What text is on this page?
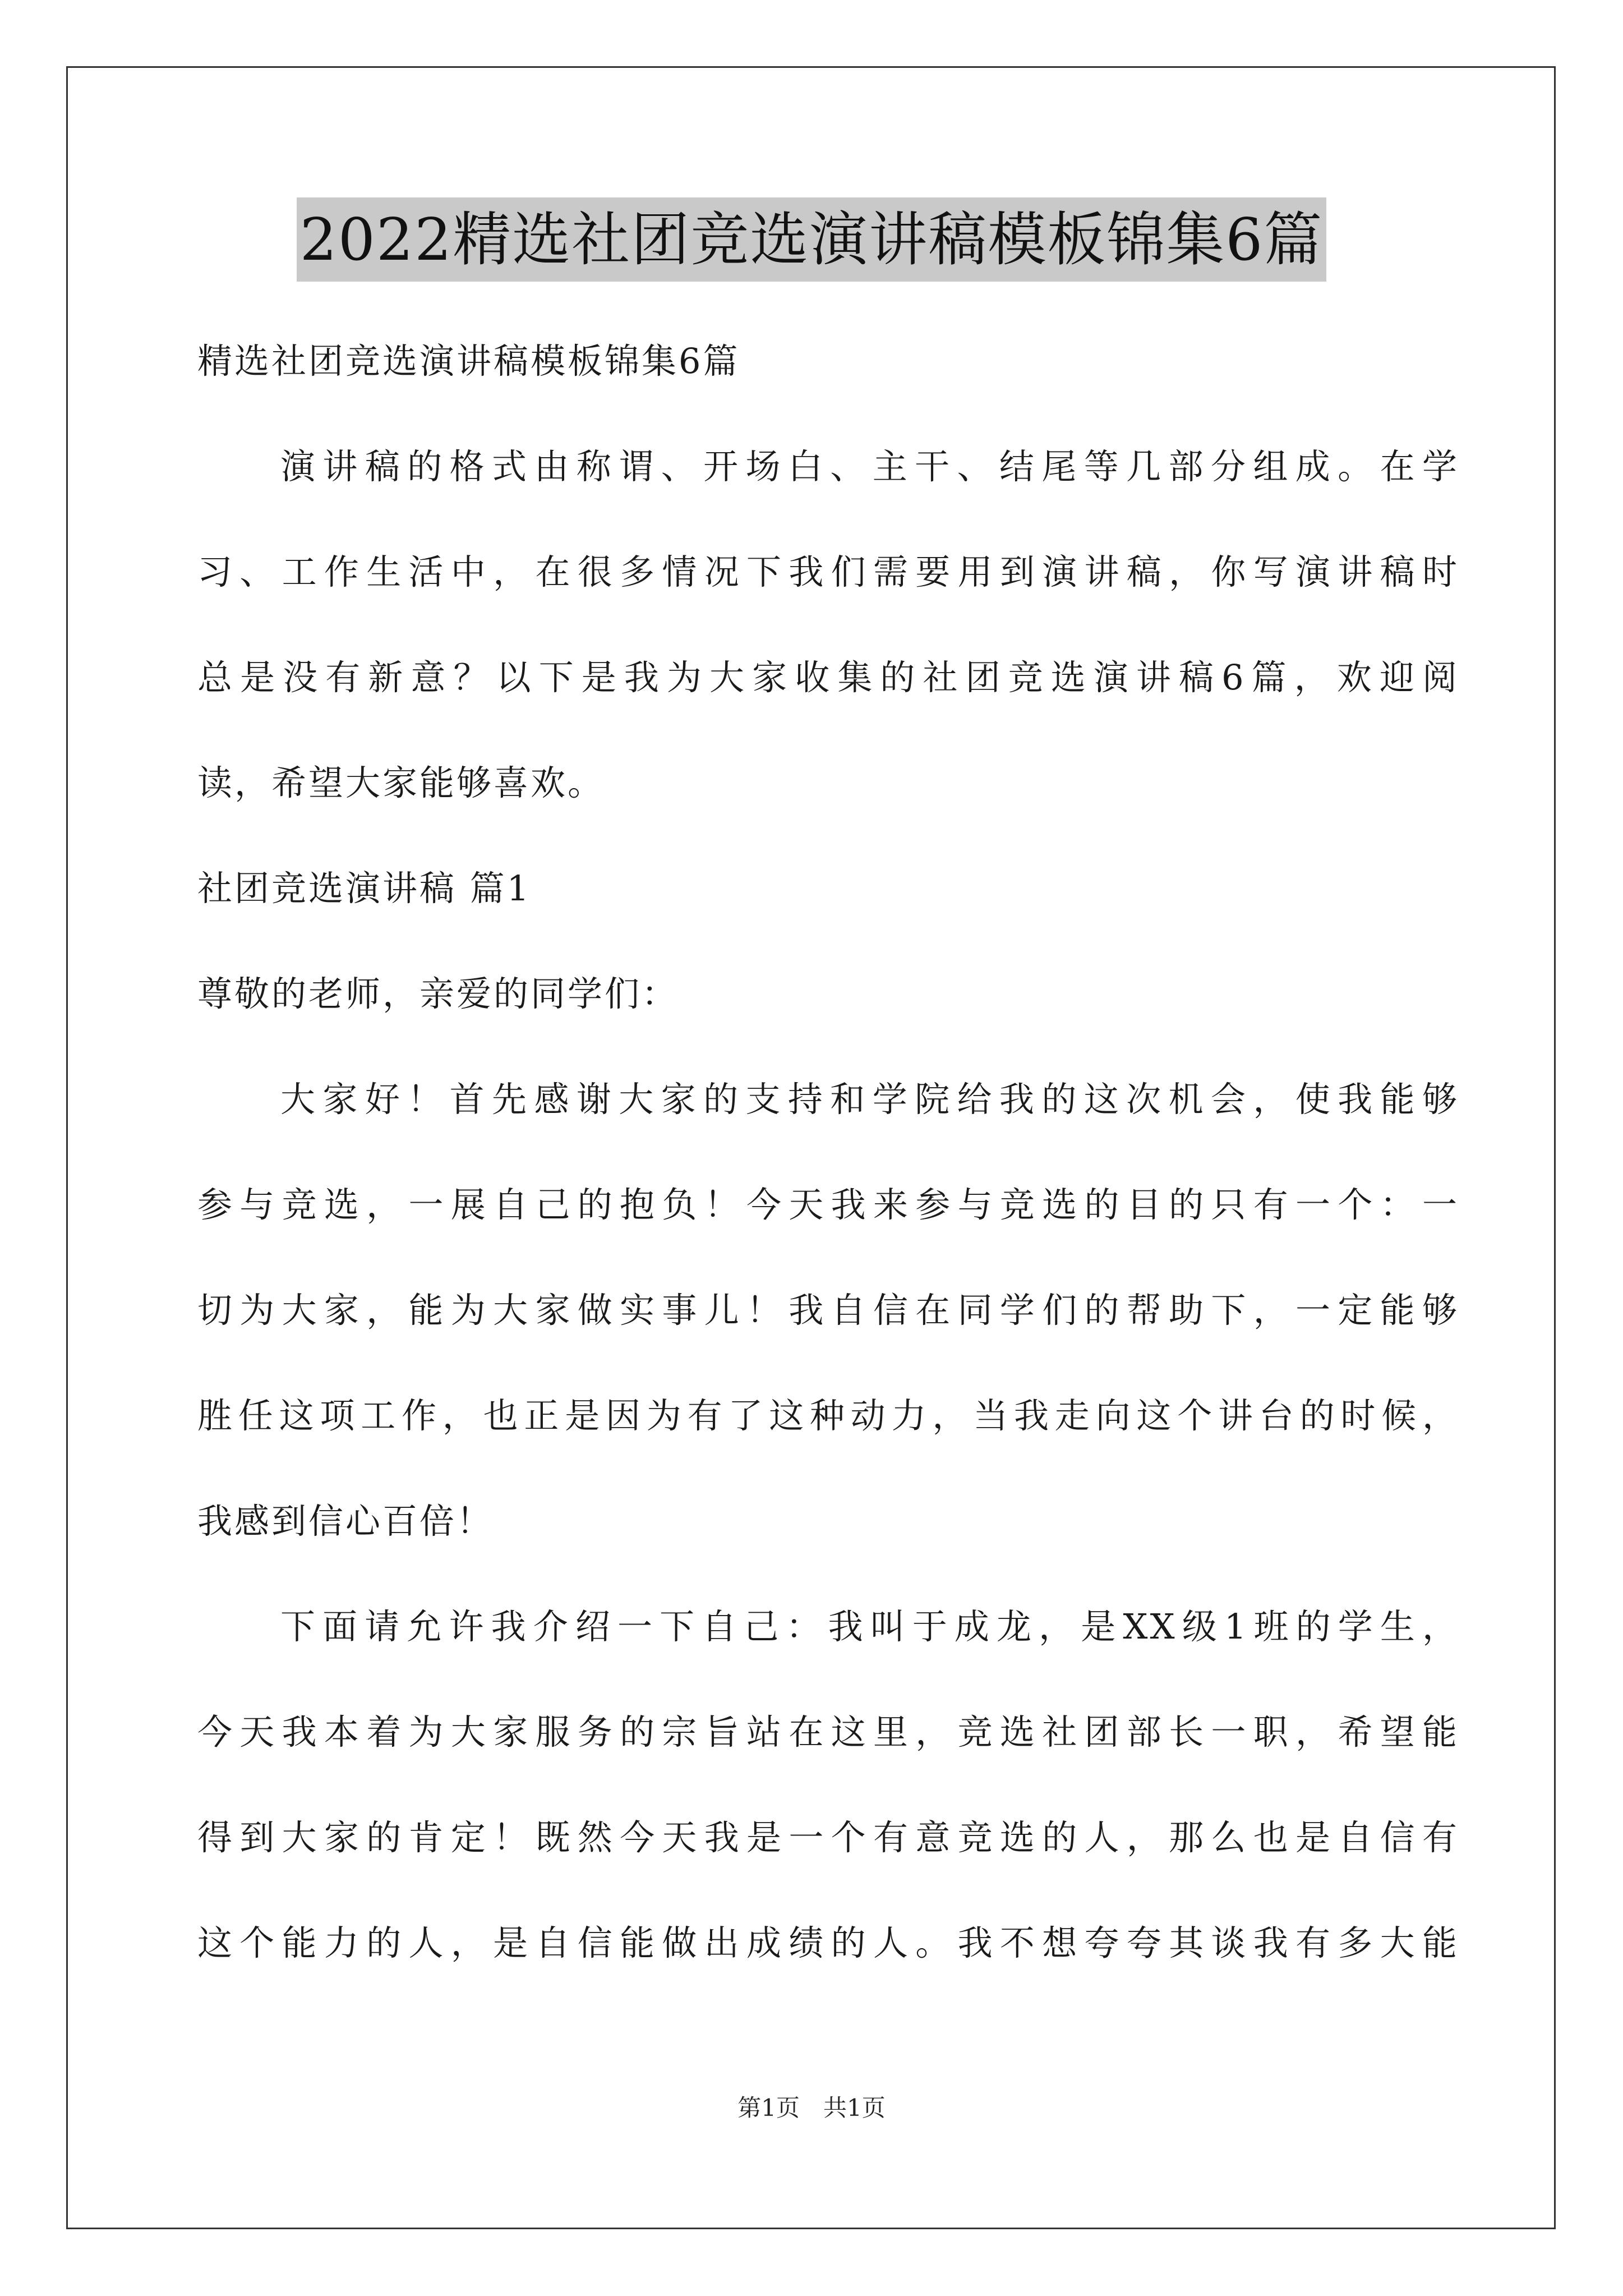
2022精选社团竞选演讲稿模板锦集6篇
精选社团竞选演讲稿模板锦集6篇
演讲稿的格式由称谓、开场白、主干、结尾等几部分组成。在学
习、工作生活中，在很多情况下我们需要用到演讲稿，你写演讲稿时
总是没有新意？以下是我为大家收集的社团竞选演讲稿6篇，欢迎阅
读，希望大家能够喜欢。
社团竞选演讲稿 篇1
尊敬的老师，亲爱的同学们：
大家好！首先感谢大家的支持和学院给我的这次机会，使我能够
参与竞选，一展自己的抱负！今天我来参与竞选的目的只有一个：一
切为大家，能为大家做实事儿！我自信在同学们的帮助下，一定能够
胜任这项工作，也正是因为有了这种动力，当我走向这个讲台的时候，
我感到信心百倍！
下面请允许我介绍一下自己：我叫于成龙，是XX级1班的学生，
今天我本着为大家服务的宗旨站在这里，竞选社团部长一职，希望能
得到大家的肯定！既然今天我是一个有意竞选的人，那么也是自信有
这个能力的人，是自信能做出成绩的人。我不想夸夸其谈我有多大能
第1页　共1页
